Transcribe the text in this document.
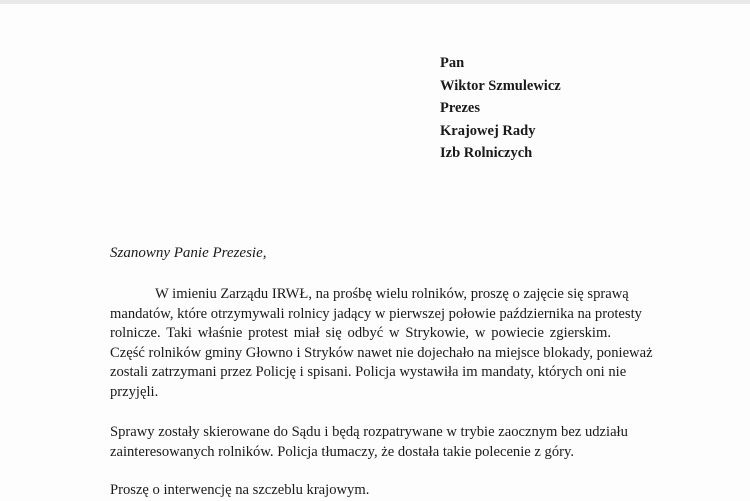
Pan
Wiktor Szmulewicz
Prezes
Krajowej Rady
Izb Rolniczych
Szanowny Panie Prezesie,
W imieniu Zarządu IRWŁ, na prośbę wielu rolników, proszę o zajęcie się sprawą
mandatów, które otrzymywali rolnicy jadący w pierwszej połowie października na protesty
rolnicze. Taki właśnie protest miał się odbyć w Strykowie, w powiecie zgierskim.
Część rolników gminy Głowno i Stryków nawet nie dojechało na miejsce blokady, ponieważ
zostali zatrzymani przez Policję i spisani. Policja wystawiła im mandaty, których oni nie
przyjęli.
Sprawy zostały skierowane do Sądu i będą rozpatrywane w trybie zaocznym bez udziału
zainteresowanych rolników. Policja tłumaczy, że dostała takie polecenie z góry.
Proszę o interwencję na szczeblu krajowym.
